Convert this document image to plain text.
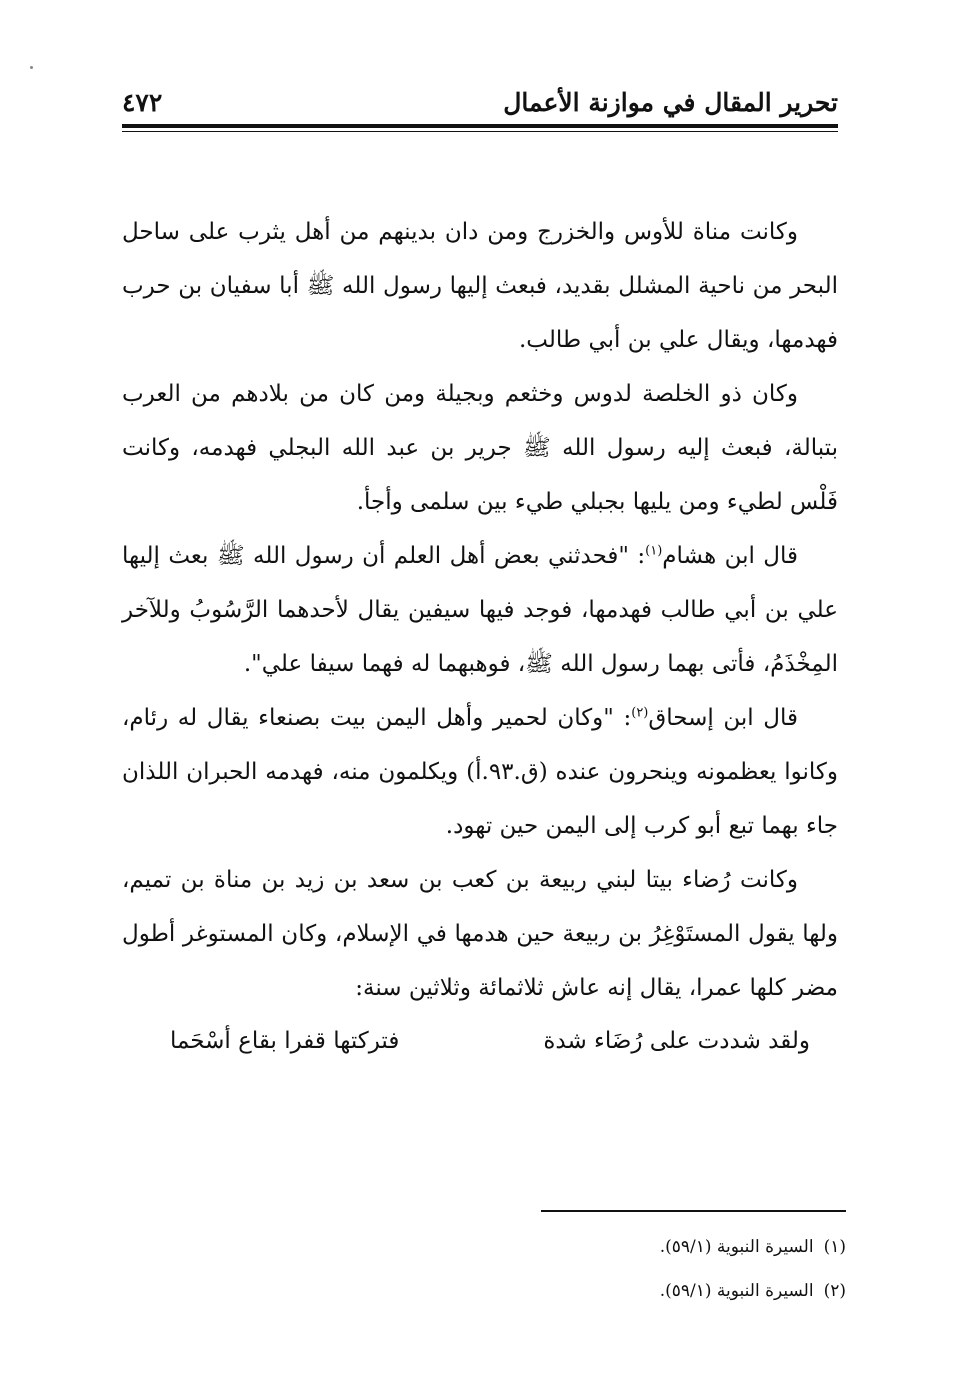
تحرير المقال في موازنة الأعمال
٤٧٢

وكانت مناة للأوس والخزرج ومن دان بدينهم من أهل يثرب على ساحل البحر من ناحية المشلل بقديد، فبعث إليها رسول الله ﷺ أبا سفيان بن حرب فهدمها، ويقال علي بن أبي طالب.

وكان ذو الخلصة لدوس وخثعم وبجيلة ومن كان من بلادهم من العرب بتبالة، فبعث إليه رسول الله ﷺ جرير بن عبد الله البجلي فهدمه، وكانت فَلْس لطيء ومن يليها بجبلي طيء بين سلمى وأجأ.

قال ابن هشام$^{(١)}$: "فحدثني بعض أهل العلم أن رسول الله ﷺ بعث إليها علي بن أبي طالب فهدمها، فوجد فيها سيفين يقال لأحدهما الرَّسُوبُ وللآخر المِخْذَمُ، فأتى بهما رسول الله ﷺ، فوهبهما له فهما سيفا علي".

قال ابن إسحاق$^{(٢)}$: "وكان لحمير وأهل اليمن بيت بصنعاء يقال له رئام، وكانوا يعظمونه وينحرون عنده (ق.٩٣.أ) ويكلمون منه، فهدمه الحبران اللذان جاء بهما تبع أبو كرب إلى اليمن حين تهود.

وكانت رُضاء بيتا لبني ربيعة بن كعب بن سعد بن زيد بن مناة بن تميم، ولها يقول المستَوْغِرُ بن ربيعة حين هدمها في الإسلام، وكان المستوغر أطول مضر كلها عمرا، يقال إنه عاش ثلاثمائة وثلاثين سنة:

ولقد شددت على رُضَاء شدة
فتركتها قفرا بقاع أسْحَما
(١)السيرة النبوية (٥٩/١).
(٢)السيرة النبوية (٥٩/١).
